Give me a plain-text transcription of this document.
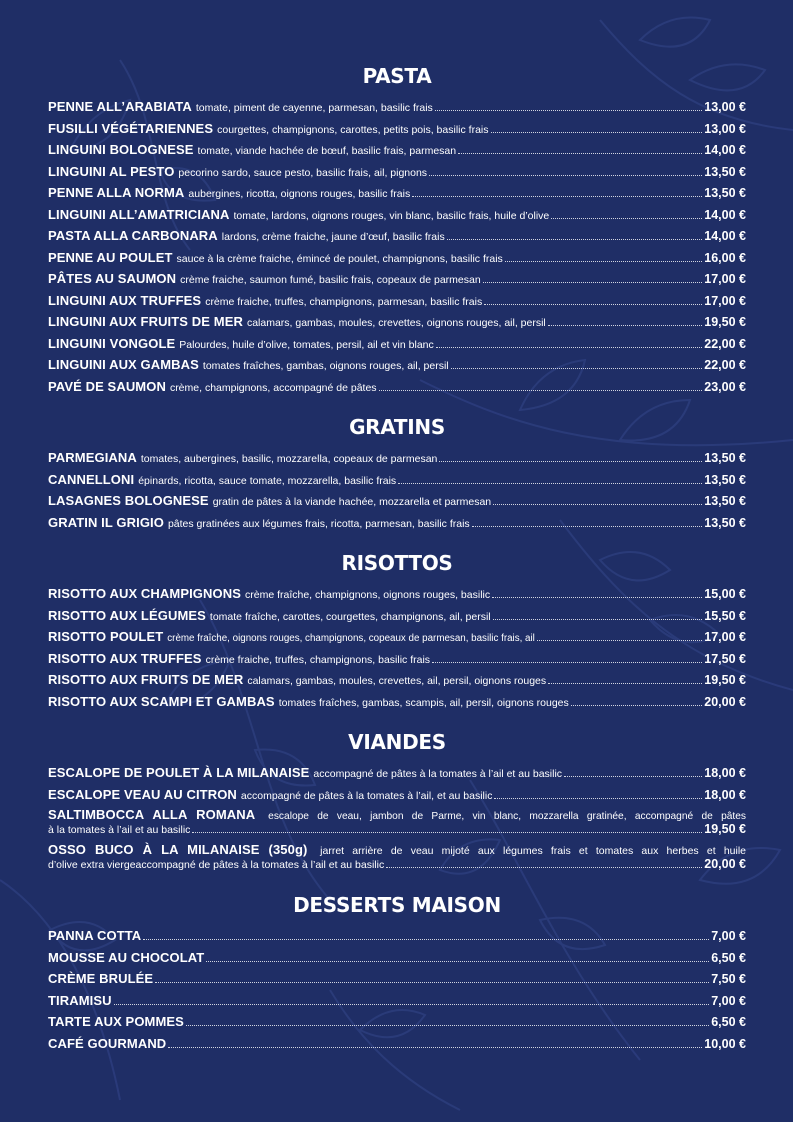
PASTA
PENNE ALL’ARABIATA tomate, piment de cayenne, parmesan, basilic frais	13,00 €
FUSILLI VÉGÉTARIENNES courgettes, champignons, carottes, petits pois, basilic frais	13,00 €
LINGUINI BOLOGNESE tomate, viande hachée de bœuf, basilic frais, parmesan	14,00 €
LINGUINI AL PESTO pecorino sardo, sauce pesto, basilic frais, ail, pignons	13,50 €
PENNE ALLA NORMA aubergines, ricotta, oignons rouges, basilic frais	13,50 €
LINGUINI ALL’AMATRICIANA tomate, lardons, oignons rouges, vin blanc, basilic frais, huile d’olive	14,00 €
PASTA ALLA CARBONARA lardons, crème fraiche, jaune d’œuf, basilic frais	14,00 €
PENNE AU POULET sauce à la crème fraiche, émincé de poulet, champignons, basilic frais	16,00 €
PÂTES AU SAUMON crème fraiche, saumon fumé, basilic frais, copeaux de parmesan	17,00 €
LINGUINI AUX TRUFFES crème fraiche, truffes, champignons, parmesan, basilic frais	17,00 €
LINGUINI AUX FRUITS DE MER calamars, gambas, moules, crevettes, oignons rouges, ail, persil	19,50 €
LINGUINI VONGOLE Palourdes, huile d’olive, tomates, persil, ail et vin blanc	22,00 €
LINGUINI AUX GAMBAS tomates fraîches, gambas, oignons rouges, ail, persil	22,00 €
PAVÉ DE SAUMON crème, champignons, accompagné de pâtes	23,00 €
GRATINS
PARMEGIANA tomates, aubergines, basilic, mozzarella, copeaux de parmesan	13,50 €
CANNELLONI épinards, ricotta, sauce tomate, mozzarella, basilic frais	13,50 €
LASAGNES BOLOGNESE gratin de pâtes à la viande hachée, mozzarella et parmesan	13,50 €
GRATIN IL GRIGIO pâtes gratinées aux légumes frais, ricotta, parmesan, basilic frais	13,50 €
RISOTTOS
RISOTTO AUX CHAMPIGNONS crème fraîche, champignons, oignons rouges, basilic	15,00 €
RISOTTO AUX LÉGUMES tomate fraîche, carottes, courgettes, champignons, ail, persil	15,50 €
RISOTTO POULET crème fraîche, oignons rouges, champignons, copeaux de parmesan, basilic frais, ail	17,00 €
RISOTTO AUX TRUFFES crème fraiche, truffes, champignons, basilic frais	17,50 €
RISOTTO AUX FRUITS DE MER calamars, gambas, moules, crevettes, ail, persil, oignons rouges	19,50 €
RISOTTO AUX SCAMPI ET GAMBAS tomates fraîches, gambas, scampis, ail, persil, oignons rouges	20,00 €
VIANDES
ESCALOPE DE POULET À LA MILANAISE accompagné de pâtes à la tomates à l’ail et au basilic	18,00 €
ESCALOPE VEAU AU CITRON accompagné de pâtes à la tomates à l’ail, et au basilic	18,00 €
SALTIMBOCCA ALLA ROMANA escalope de veau, jambon de Parme, vin blanc, mozzarella gratinée, accompagné de pâtes
à la tomates à l’ail et au basilic	19,50 €
OSSO BUCO À LA MILANAISE (350g) jarret arrière de veau mijoté aux légumes frais et tomates aux herbes et huile
d’olive extra viergeaccompagné de pâtes à la tomates à l’ail et au basilic	20,00 €
DESSERTS MAISON
PANNA COTTA	7,00 €
MOUSSE AU CHOCOLAT	6,50 €
CRÈME BRULÉE	7,50 €
TIRAMISU	7,00 €
TARTE AUX POMMES	6,50 €
CAFÉ GOURMAND	10,00 €
